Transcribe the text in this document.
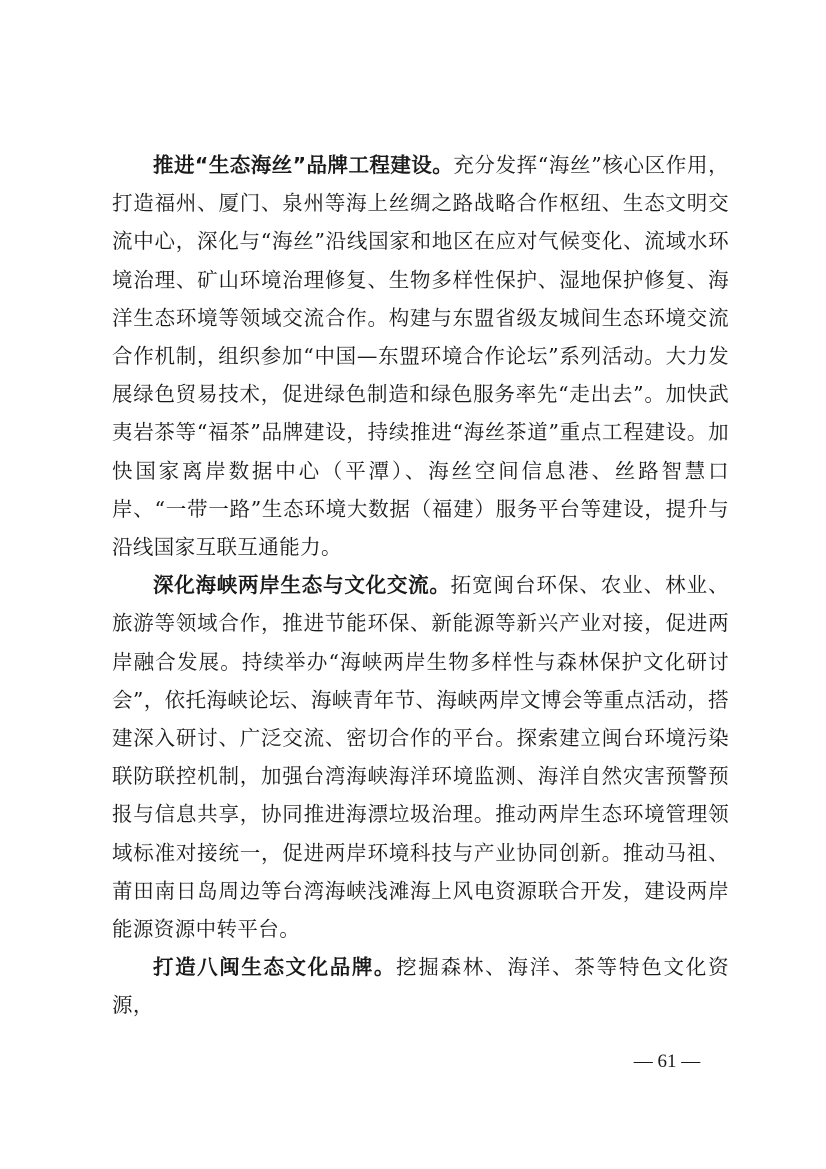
推进“生态海丝”品牌工程建设。充分发挥“海丝”核心区作用，打造福州、厦门、泉州等海上丝绸之路战略合作枢纽、生态文明交流中心，深化与“海丝”沿线国家和地区在应对气候变化、流域水环境治理、矿山环境治理修复、生物多样性保护、湿地保护修复、海洋生态环境等领域交流合作。构建与东盟省级友城间生态环境交流合作机制，组织参加“中国—东盟环境合作论坛”系列活动。大力发展绿色贸易技术，促进绿色制造和绿色服务率先“走出去”。加快武夷岩茶等“福茶”品牌建设，持续推进“海丝茶道”重点工程建设。加快国家离岸数据中心（平潭）、海丝空间信息港、丝路智慧口岸、“一带一路”生态环境大数据（福建）服务平台等建设，提升与沿线国家互联互通能力。

深化海峡两岸生态与文化交流。拓宽闽台环保、农业、林业、旅游等领域合作，推进节能环保、新能源等新兴产业对接，促进两岸融合发展。持续举办“海峡两岸生物多样性与森林保护文化研讨会”，依托海峡论坛、海峡青年节、海峡两岸文博会等重点活动，搭建深入研讨、广泛交流、密切合作的平台。探索建立闽台环境污染联防联控机制，加强台湾海峡海洋环境监测、海洋自然灾害预警预报与信息共享，协同推进海漂垃圾治理。推动两岸生态环境管理领域标准对接统一，促进两岸环境科技与产业协同创新。推动马祖、莆田南日岛周边等台湾海峡浅滩海上风电资源联合开发，建设两岸能源资源中转平台。

打造八闽生态文化品牌。挖掘森林、海洋、茶等特色文化资源，

— 61 —
